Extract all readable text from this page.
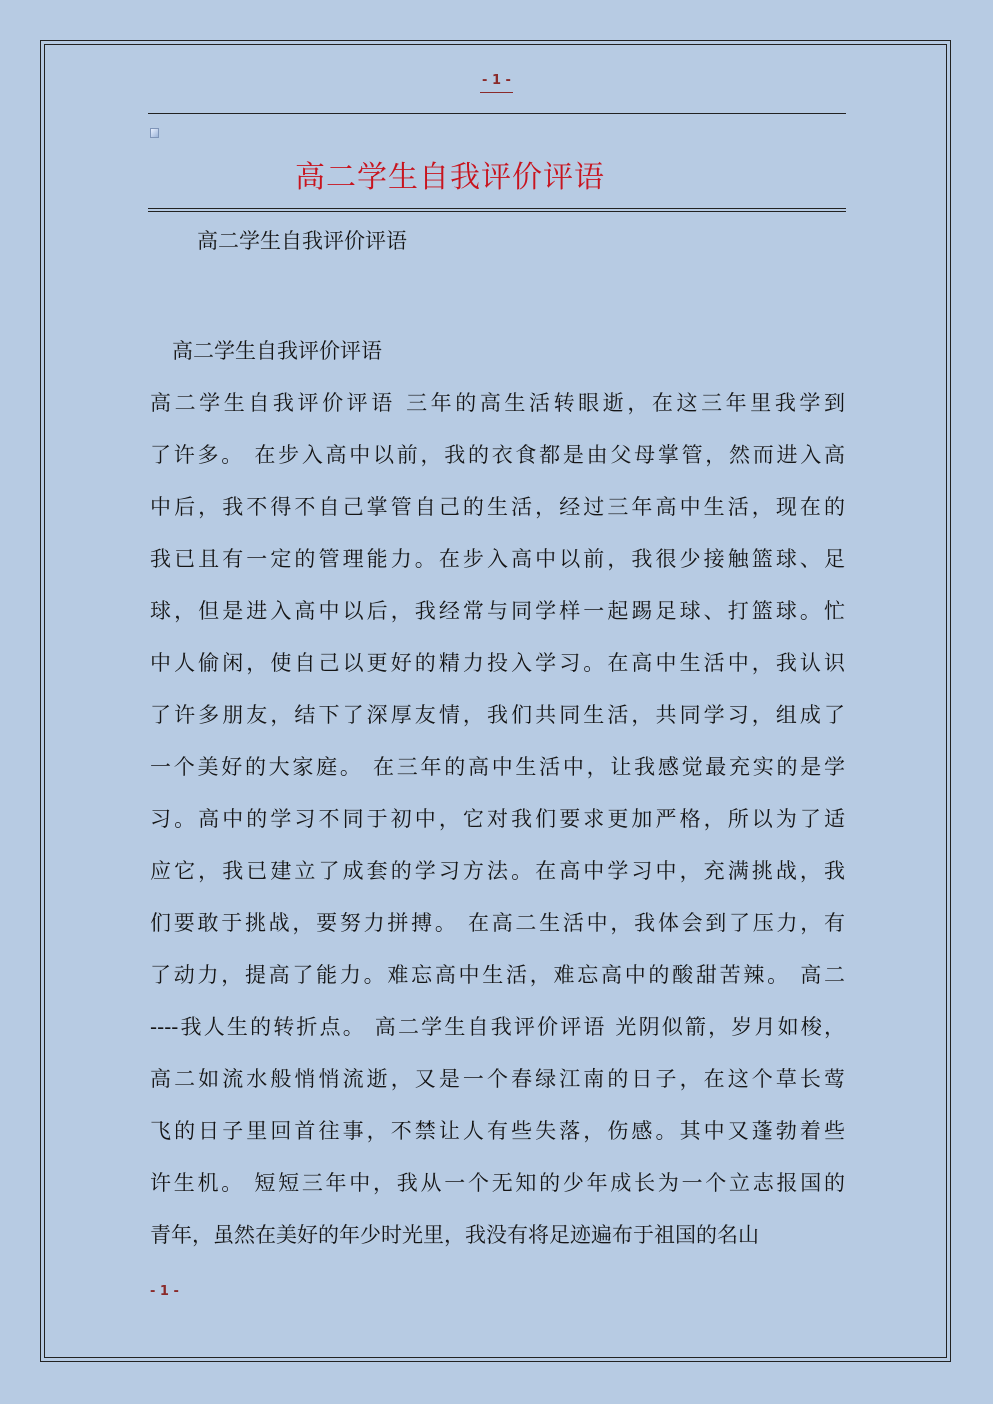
- 1 -
高二学生自我评价评语
高二学生自我评价评语
高二学生自我评价评语
高二学生自我评价评语 三年的高生活转眼逝，在这三年里我学到
了许多。 在步入高中以前，我的衣食都是由父母掌管，然而进入高
中后，我不得不自己掌管自己的生活，经过三年高中生活，现在的
我已且有一定的管理能力。在步入高中以前，我很少接触篮球、足
球，但是进入高中以后，我经常与同学样一起踢足球、打篮球。忙
中人偷闲，使自己以更好的精力投入学习。在高中生活中，我认识
了许多朋友，结下了深厚友情，我们共同生活，共同学习，组成了
一个美好的大家庭。 在三年的高中生活中，让我感觉最充实的是学
习。高中的学习不同于初中，它对我们要求更加严格，所以为了适
应它，我已建立了成套的学习方法。在高中学习中，充满挑战，我
们要敢于挑战，要努力拼搏。 在高二生活中，我体会到了压力，有
了动力，提高了能力。难忘高中生活，难忘高中的酸甜苦辣。 高二
----我人生的转折点。 高二学生自我评价评语 光阴似箭，岁月如梭，
高二如流水般悄悄流逝，又是一个春绿江南的日子，在这个草长莺
飞的日子里回首往事，不禁让人有些失落，伤感。其中又蓬勃着些
许生机。 短短三年中，我从一个无知的少年成长为一个立志报国的
青年，虽然在美好的年少时光里，我没有将足迹遍布于祖国的名山
- 1 -
